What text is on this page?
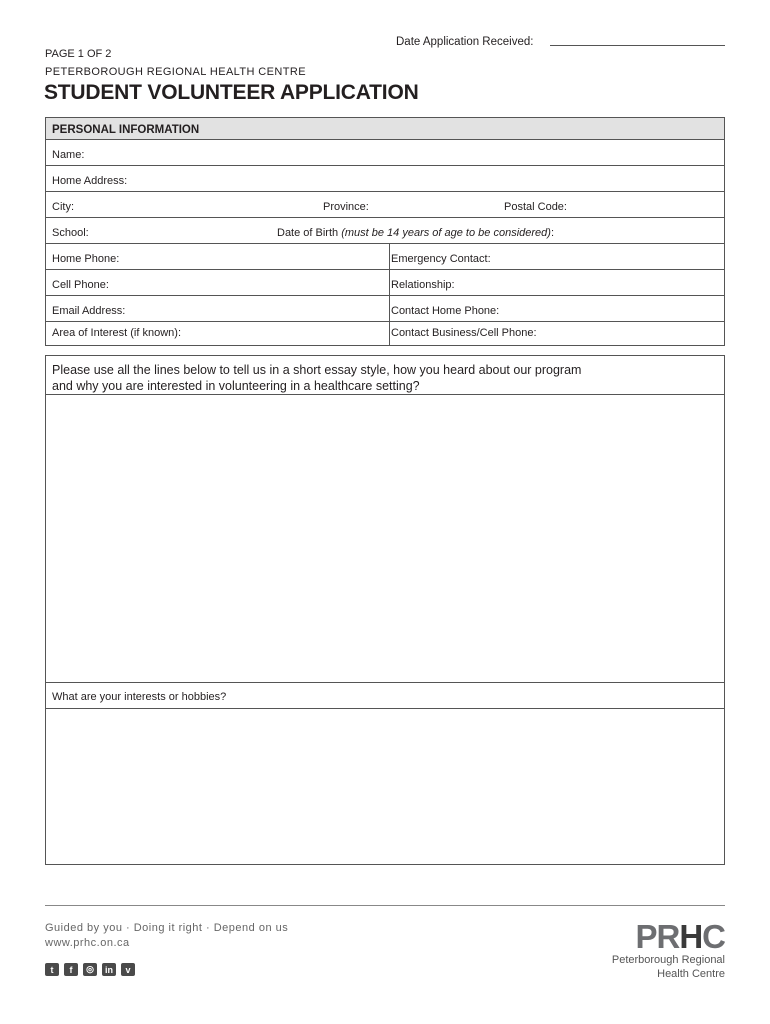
Date Application Received:
PAGE 1 OF 2
PETERBOROUGH REGIONAL HEALTH CENTRE
STUDENT VOLUNTEER APPLICATION
PERSONAL INFORMATION
Name:
Home Address:
City:	Province:	Postal Code:
School:	Date of Birth (must be 14 years of age to be considered):
Home Phone:	Emergency Contact:
Cell Phone:	Relationship:
Email Address:	Contact Home Phone:
Area of Interest (if known):	Contact Business/Cell Phone:
Please use all the lines below to tell us in a short essay style, how you heard about our program
and why you are interested in volunteering in a healthcare setting?
What are your interests or hobbies?
Guided by you · Doing it right · Depend on us
www.prhc.on.ca
t	f	◎	in	v
PRHC
Peterborough Regional
Health Centre
